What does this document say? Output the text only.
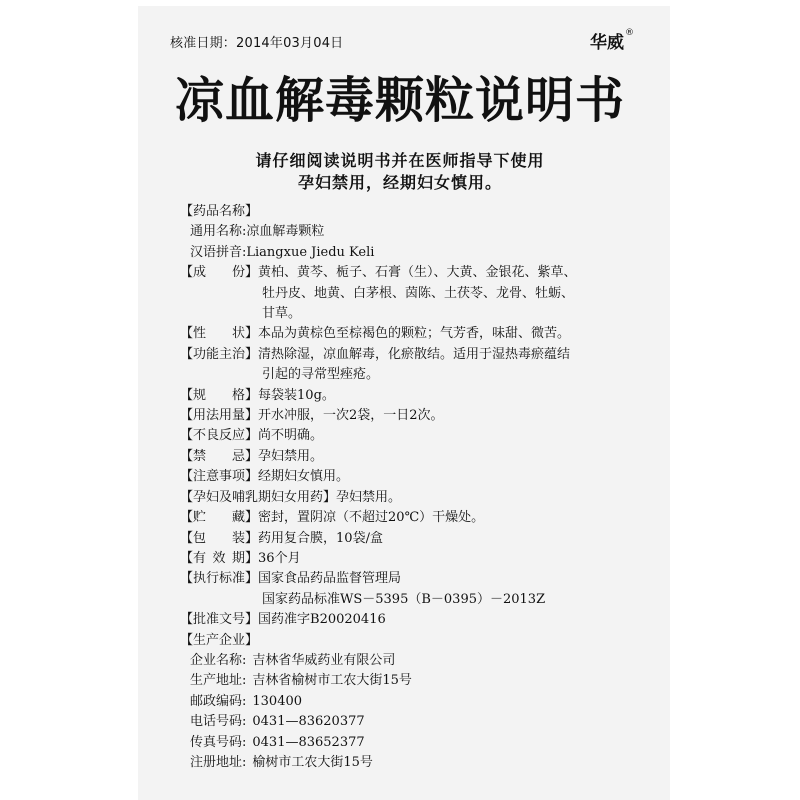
核准日期：2014年03月04日	华威®
凉血解毒颗粒说明书
请仔细阅读说明书并在医师指导下使用
孕妇禁用，经期妇女慎用。
【药品名称】
通用名称: 凉血解毒颗粒
汉语拼音: Liangxue Jiedu Keli
【 成 份 】 黄柏、黄芩、栀子、石膏（生）、大黄、金银花、紫草、
牡丹皮、地黄、白茅根、茵陈、土茯苓、龙骨、牡蛎、
甘草。
【 性 状 】 本品为黄棕色至棕褐色的颗粒；气芳香，味甜、微苦。
【功能主治】 清热除湿，凉血解毒，化瘀散结。适用于湿热毒瘀蕴结
引起的寻常型痤疮。
【 规 格 】 每袋装10g。
【用法用量】 开水冲服，一次2袋，一日2次。
【不良反应】 尚不明确。
【 禁 忌 】 孕妇禁用。
【注意事项】 经期妇女慎用。
【孕妇及哺乳期妇女用药】 孕妇禁用。
【 贮 藏 】 密封，置阴凉（不超过20℃）干燥处。
【 包 装 】 药用复合膜，10袋/盒
【 有 效 期 】 36个月
【执行标准】 国家食品药品监督管理局
国家药品标准WS－5395（B－0395）－2013Z
【批准文号】 国药准字B20020416
【生产企业】
企业名称: 吉林省华威药业有限公司
生产地址: 吉林省榆树市工农大街15号
邮政编码: 130400
电话号码: 0431—83620377
传真号码: 0431—83652377
注册地址: 榆树市工农大街15号
